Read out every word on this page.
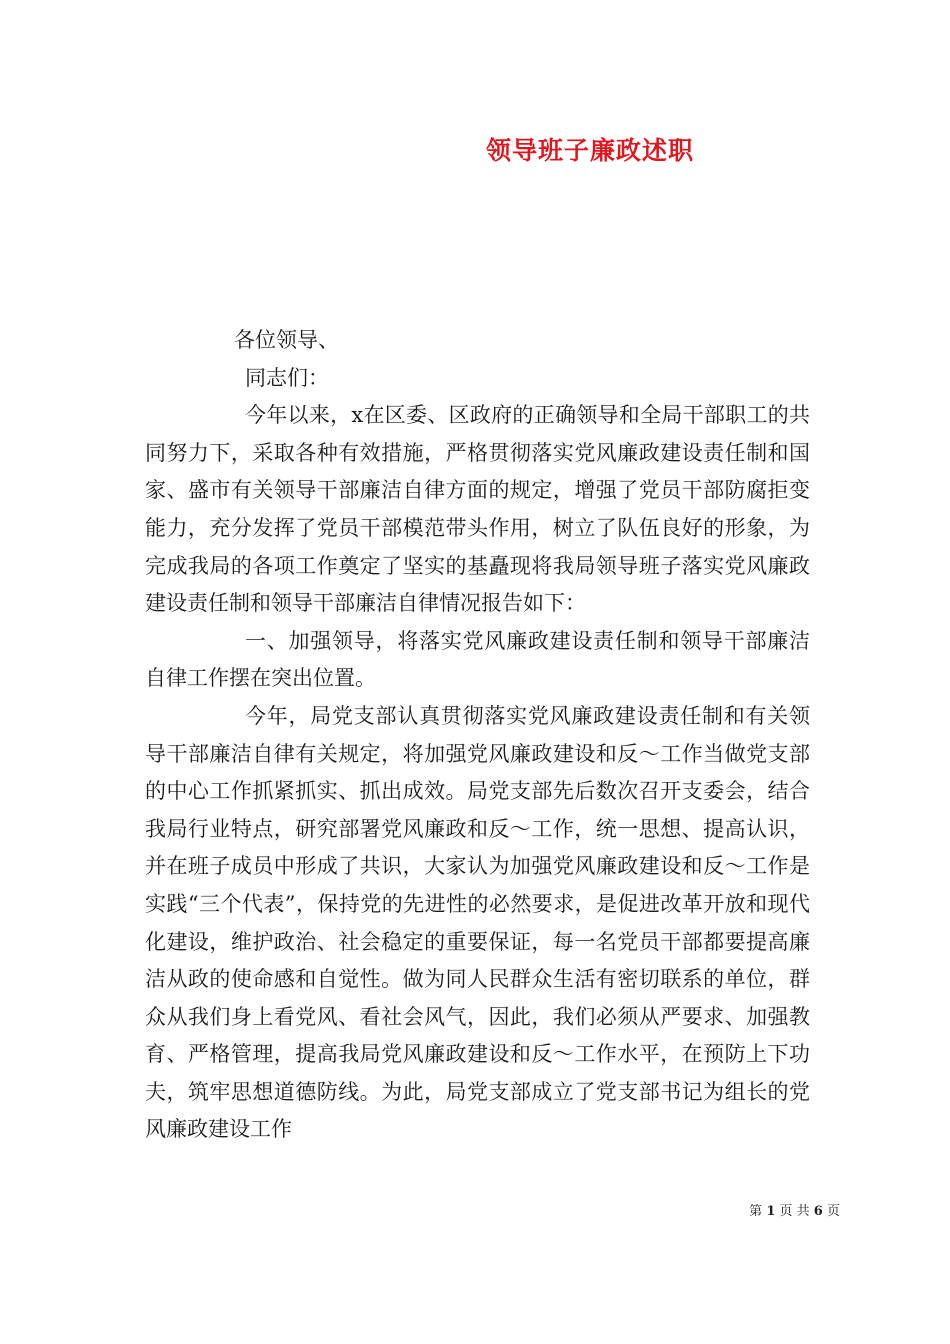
领导班子廉政述职

各位领导、

同志们：

今年以来，x在区委、区政府的正确领导和全局干部职工的共同努力下，采取各种有效措施，严格贯彻落实党风廉政建设责任制和国家、盛市有关领导干部廉洁自律方面的规定，增强了党员干部防腐拒变能力，充分发挥了党员干部模范带头作用，树立了队伍良好的形象，为完成我局的各项工作奠定了坚实的基矗现将我局领导班子落实党风廉政建设责任制和领导干部廉洁自律情况报告如下：

一、加强领导，将落实党风廉政建设责任制和领导干部廉洁自律工作摆在突出位置。

今年，局党支部认真贯彻落实党风廉政建设责任制和有关领导干部廉洁自律有关规定，将加强党风廉政建设和反～工作当做党支部的中心工作抓紧抓实、抓出成效。局党支部先后数次召开支委会，结合我局行业特点，研究部署党风廉政和反～工作，统一思想、提高认识，并在班子成员中形成了共识，大家认为加强党风廉政建设和反～工作是实践“三个代表”，保持党的先进性的必然要求，是促进改革开放和现代化建设，维护政治、社会稳定的重要保证，每一名党员干部都要提高廉洁从政的使命感和自觉性。做为同人民群众生活有密切联系的单位，群众从我们身上看党风、看社会风气，因此，我们必须从严要求、加强教育、严格管理，提高我局党风廉政建设和反～工作水平，在预防上下功夫，筑牢思想道德防线。为此，局党支部成立了党支部书记为组长的党风廉政建设工作

第 1 页 共 6 页
